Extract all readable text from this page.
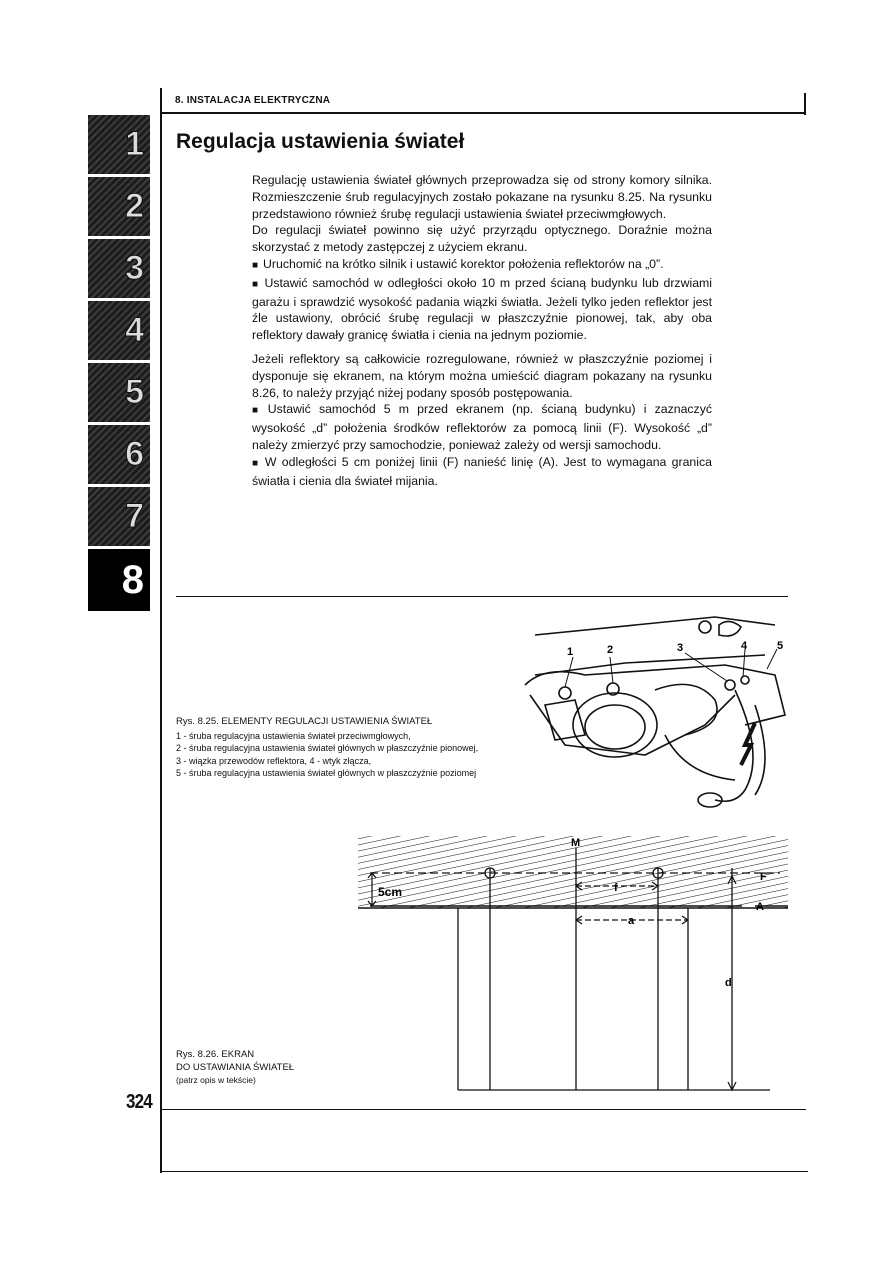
8. INSTALACJA ELEKTRYCZNA
Regulacja ustawienia świateł
1
2
3
4
5
6
7
8

Regulację ustawienia świateł głównych przeprowadza się od strony komory silnika. Rozmieszczenie śrub regulacyjnych zostało pokazane na rysunku 8.25. Na rysunku przedstawiono również śrubę regulacji ustawienia świateł przeciwmgłowych.

Do regulacji świateł powinno się użyć przyrządu optycznego. Doraźnie można skorzystać z metody zastępczej z użyciem ekranu.

■ Uruchomić na krótko silnik i ustawić korektor położenia reflektorów na „0”.

■ Ustawić samochód w odległości około 10 m przed ścianą budynku lub drzwiami garażu i sprawdzić wysokość padania wiązki światła. Jeżeli tylko jeden reflektor jest źle ustawiony, obrócić śrubę regulacji w płaszczyźnie pionowej, tak, aby oba reflektory dawały granicę światła i cienia na jednym poziomie.

Jeżeli reflektory są całkowicie rozregulowane, również w płaszczyźnie poziomej i dysponuje się ekranem, na którym można umieścić diagram pokazany na rysunku 8.26, to należy przyjąć niżej podany sposób postępowania.

■ Ustawić samochód 5 m przed ekranem (np. ścianą budynku) i zaznaczyć wysokość „d” położenia środków reflektorów za pomocą linii (F). Wysokość „d” należy zmierzyć przy samochodzie, ponieważ zależy od wersji samochodu.

■ W odległości 5 cm poniżej linii (F) nanieść linię (A). Jest to wymagana granica światła i cienia dla świateł mijania.

1	2	3	4	5
Rys. 8.25. ELEMENTY REGULACJI USTAWIENIA ŚWIATEŁ
1 - śruba regulacyjna ustawienia świateł przeciwmgłowych,
2 - śruba regulacyjna ustawienia świateł głównych w płaszczyźnie pionowej,
3 - wiązka przewodów reflektora, 4 - wtyk złącza,
5 - śruba regulacyjna ustawienia świateł głównych w płaszczyźnie poziomej
M
5cm
F
f
A
a
d
Rys. 8.26. EKRAN
DO USTAWIANIA ŚWIATEŁ
(patrz opis w tekście)
324
